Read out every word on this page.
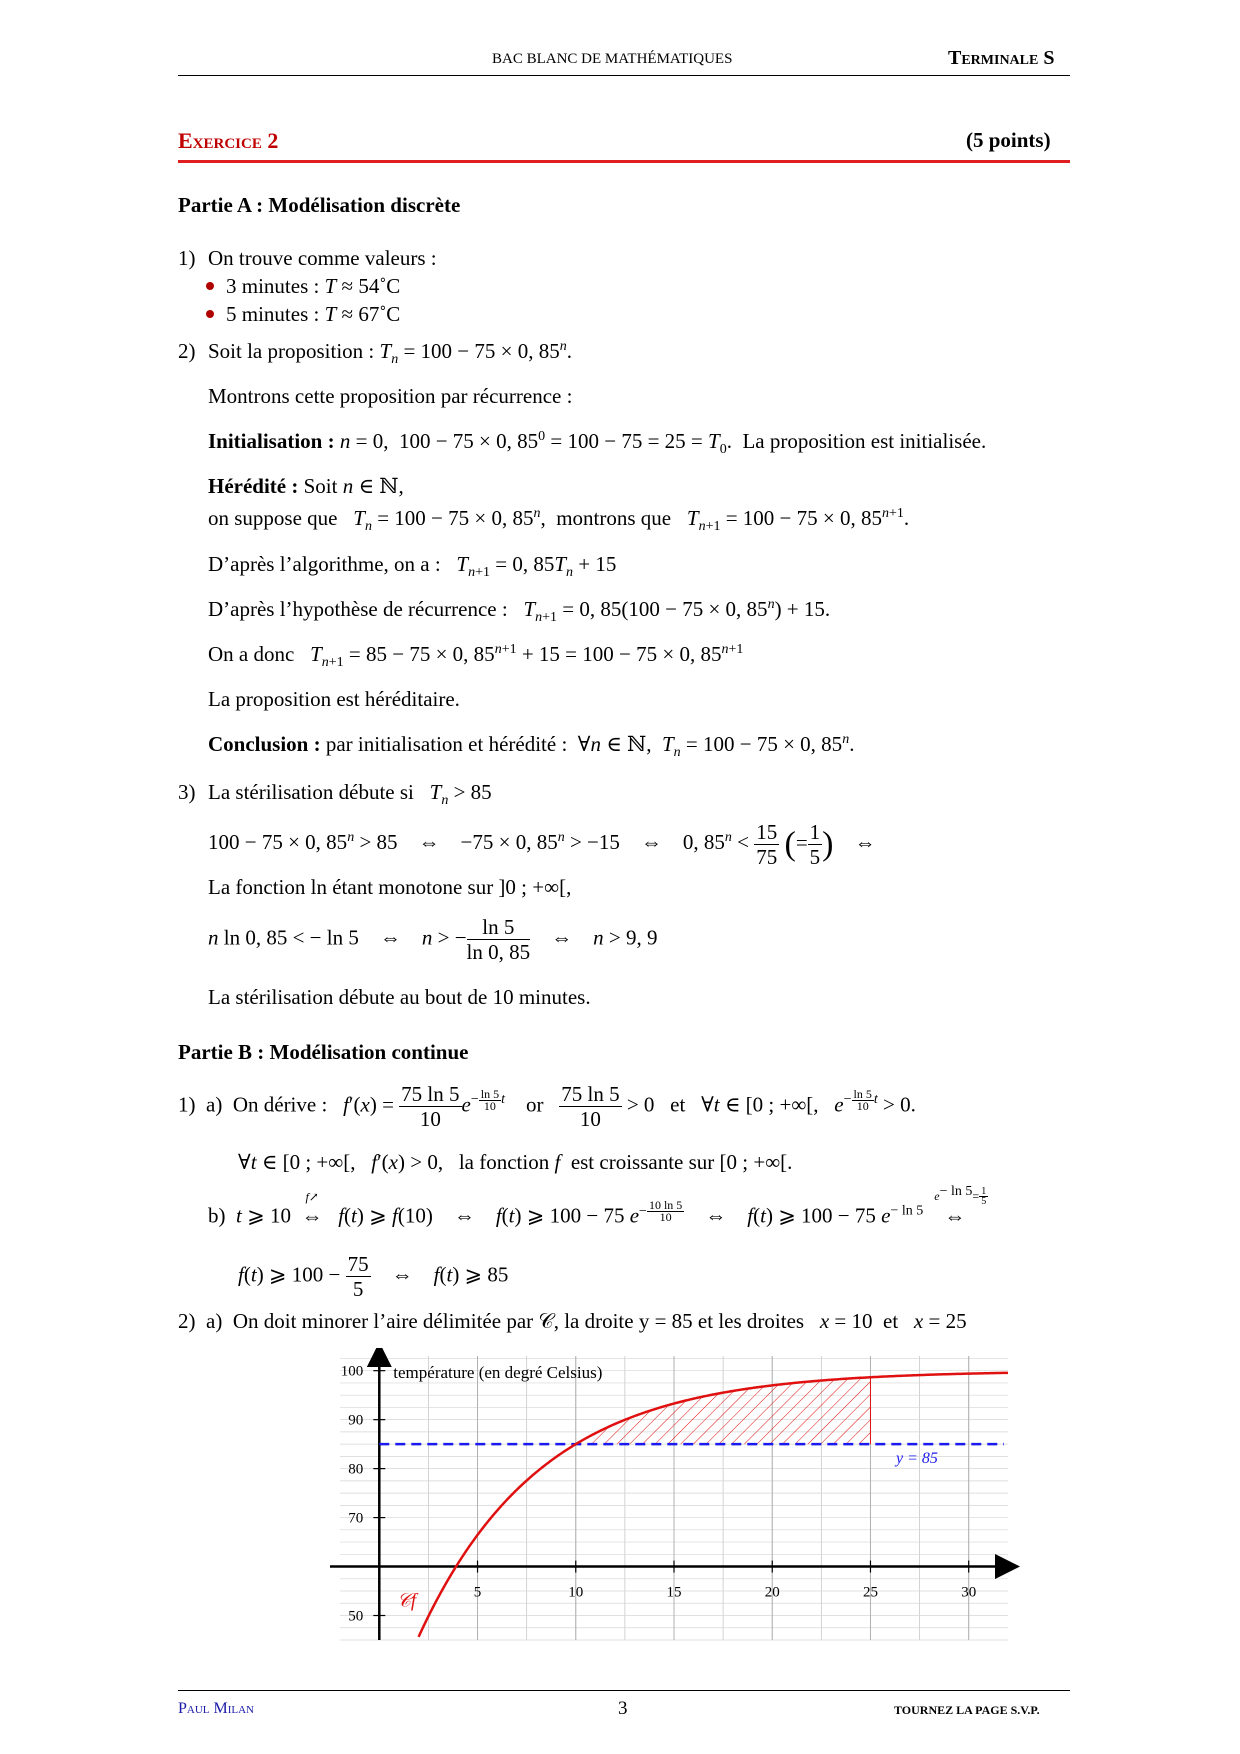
BAC BLANC DE MATHÉMATIQUES	Terminale S
Exercice 2	(5 points)
Partie A : Modélisation discrète
1) On trouve comme valeurs :
3 minutes : T ≈ 54˚C
5 minutes : T ≈ 67˚C
2) Soit la proposition : $T_n = 100 - 75 \times 0$, 85$^n$.
Montrons cette proposition par récurrence :
Initialisation : n = 0,  100 − 75 × 0, $85^0 = 100 - 75 = 25 = T_0$.  La proposition est initialisée.
Hérédité : Soit n ∈ ℕ,
on suppose que $T_n = 100 - 75 \times 0$, 85$^n$,  montrons que $T_{n+1} = 100 - 75 \times 0$, $85^{n+1}$.
D’après l’algorithme, on a : $T_{n+1} = 0$, $85T_n + 15$
D’après l’hypothèse de récurrence : $T_{n+1} = 0$, 85(100 − 75 × 0, $85^n) + 15$.
On a donc $T_{n+1} = 85 - 75 \times 0$, $85^{n+1} + 15 = 100 - 75 \times 0$, $85^{n+1}$
La proposition est héréditaire.
Conclusion : par initialisation et hérédité :  ∀n ∈ ℕ,  $T_n = 100 - 75 \times 0$, 85$^n$.
3) La stérilisation débute si $T_n > 85$
100 − 75 × 0, $85^n > 85$    ⇔    −75 × 0, $85^n > -15$    ⇔    0, $85^n < \frac{15}{75}$ (= $\frac{1}{5}$ )    ⇔
La fonction ln étant monotone sur ]0 ; +∞[,
n ln 0, 85 < − ln 5    ⇔    n > − $\frac{\ln 5}{\ln 0, 85}$ ⇔    n > 9, 9
La stérilisation débute au bout de 10 minutes.
Partie B : Modélisation continue
1) a) On dérive : $f'(x) = \frac{75 \ln 5}{10} e^{- \frac{\ln 5}{10} t}$ or $\frac{75 \ln 5}{10} > 0$   et   ∀t ∈ [0 ; +∞[,   $e^{- \frac{\ln 5}{10} t} > 0$.
∀t ∈ [0 ; +∞[,   f′(x) > 0,   la fonction f est croissante sur [0 ; +∞[.
b) t ⩾ 10
f↗
⇔ f(t) ⩾ f(10)    ⇔    f(t) ⩾ 100 − 75 $e^{- \frac{10 \ln 5}{10}}$ ⇔    f(t) ⩾ 100 − 75 $e^{- ln 5}$
$e^{- ln 5}= \frac{1}{5}$
⇔
f(t) ⩾ $100 - \frac{75}{5}$ ⇔    f(t) ⩾ 85
2) a) On doit minorer l’aire délimitée par 𝒞, la droite y = 85 et les droites x = 10  et x = 25
50
70
80
90
100
5	10	15	20	25	30
température (en degré Celsius)
y = 85
𝒞f
Paul Milan	3	TOURNEZ LA PAGE S.V.P.
